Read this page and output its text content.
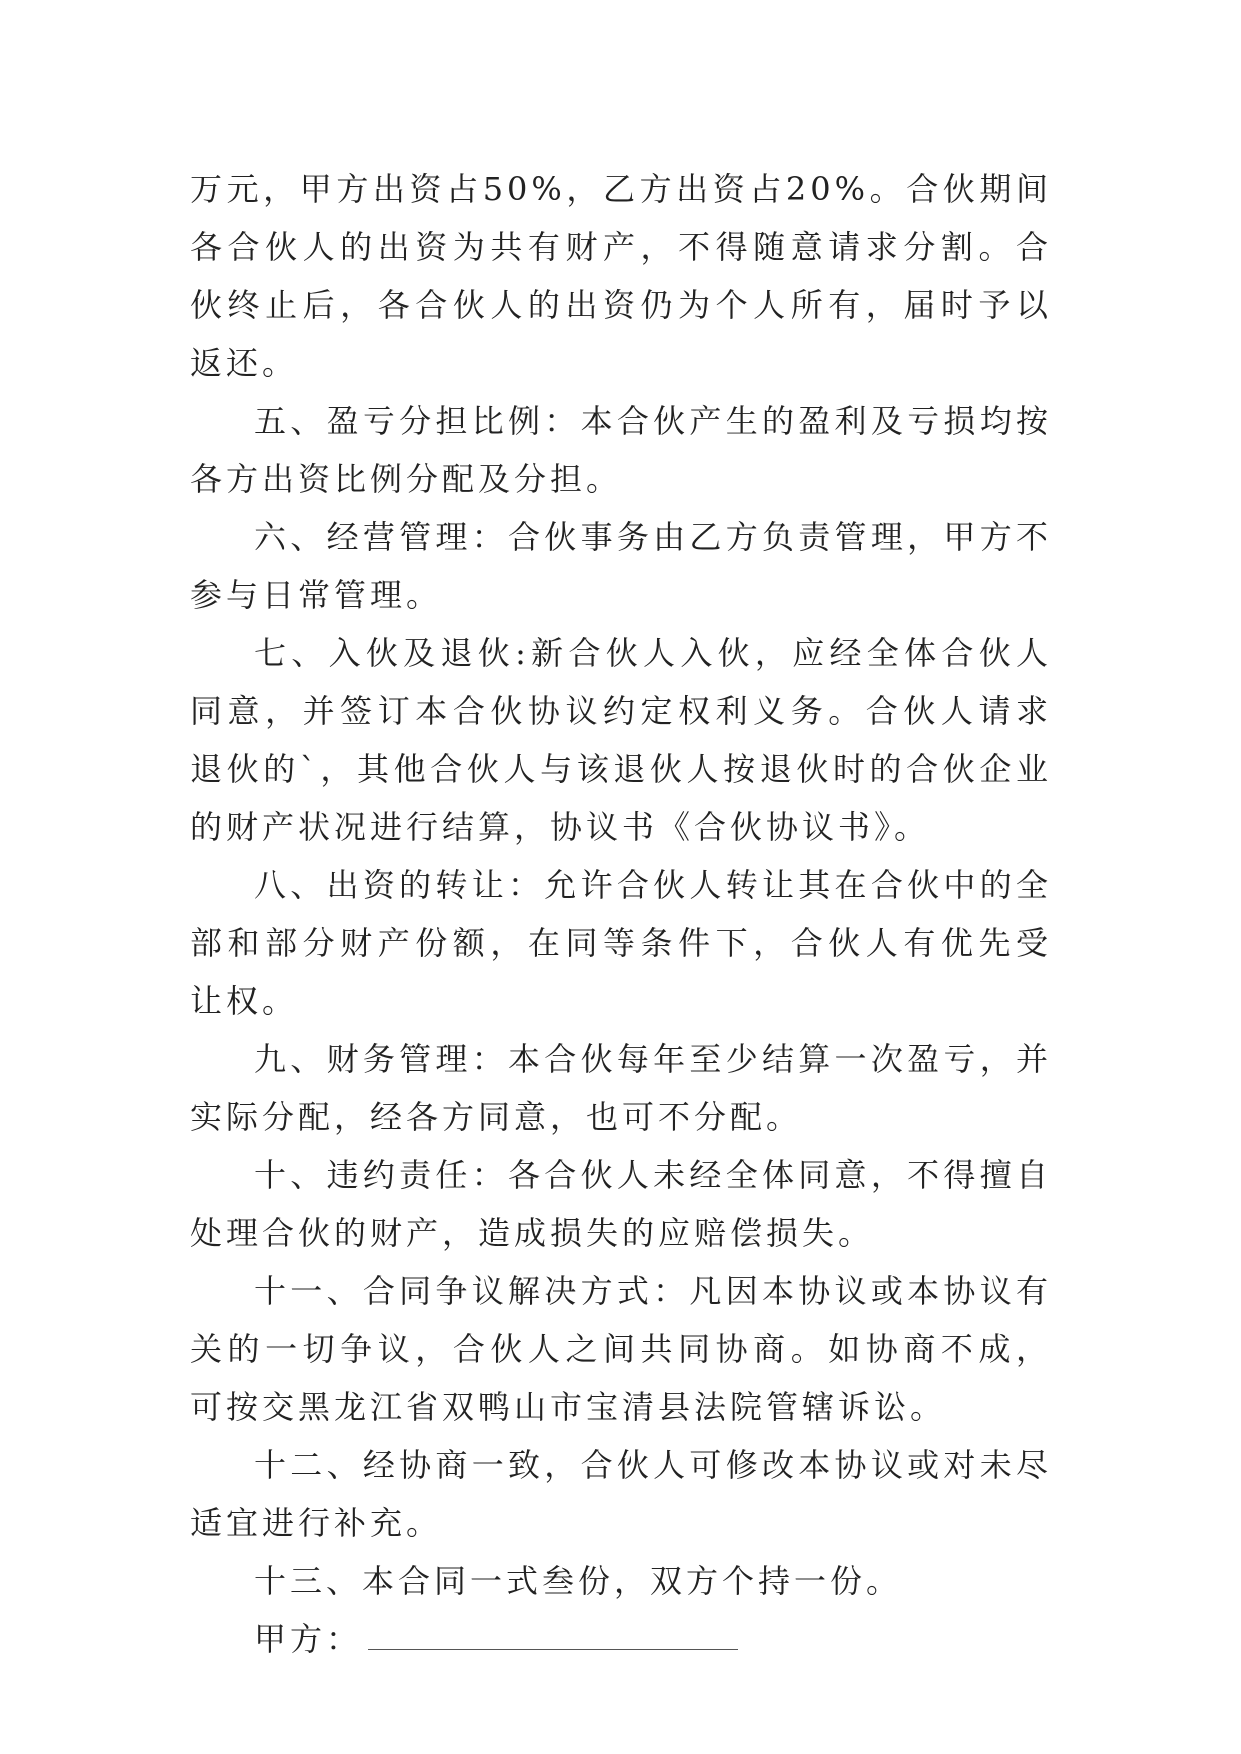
万元，甲方出资占50%，乙方出资占20%。合伙期间各合伙人的出资为共有财产，不得随意请求分割。合伙终止后，各合伙人的出资仍为个人所有，届时予以返还。

五、盈亏分担比例：本合伙产生的盈利及亏损均按各方出资比例分配及分担。

六、经营管理：合伙事务由乙方负责管理，甲方不参与日常管理。

七、入伙及退伙:新合伙人入伙，应经全体合伙人同意，并签订本合伙协议约定权利义务。合伙人请求退伙的`，其他合伙人与该退伙人按退伙时的合伙企业的财产状况进行结算，协议书《合伙协议书》。

八、出资的转让：允许合伙人转让其在合伙中的全部和部分财产份额，在同等条件下，合伙人有优先受让权。

九、财务管理：本合伙每年至少结算一次盈亏，并实际分配，经各方同意，也可不分配。

十、违约责任：各合伙人未经全体同意，不得擅自处理合伙的财产，造成损失的应赔偿损失。

十一、合同争议解决方式：凡因本协议或本协议有关的一切争议，合伙人之间共同协商。如协商不成，可按交黑龙江省双鸭山市宝清县法院管辖诉讼。

十二、经协商一致，合伙人可修改本协议或对未尽适宜进行补充。

十三、本合同一式叁份，双方个持一份。

甲方：
